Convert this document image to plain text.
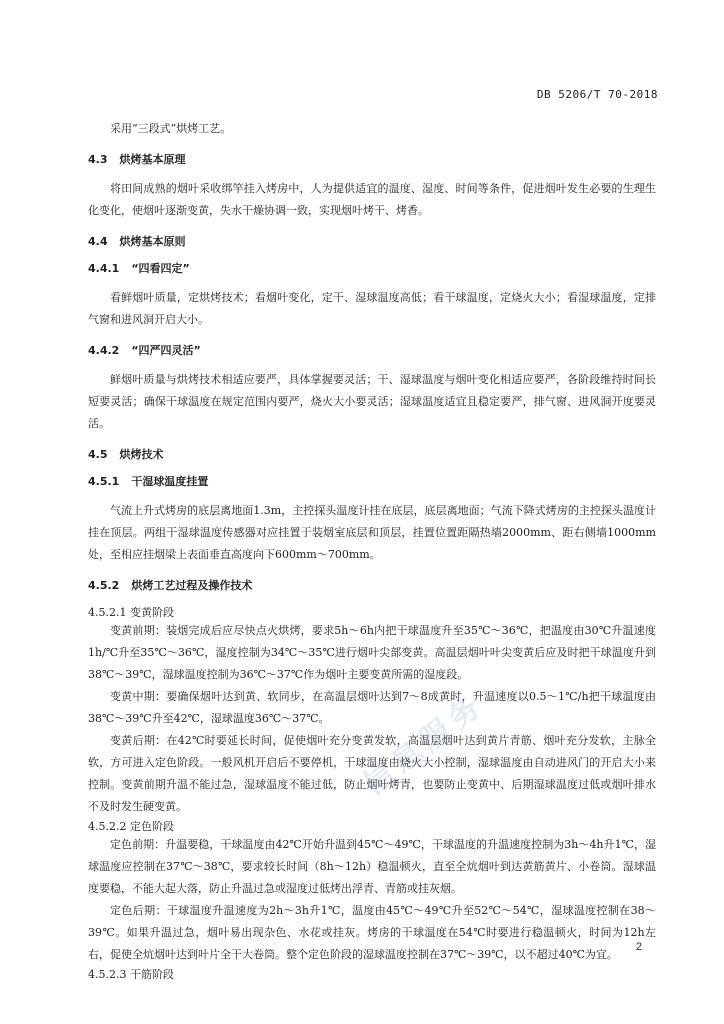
DB 5206/T 70-2018
采用“三段式”烘烤工艺。
4.3 烘烤基本原理
将田间成熟的烟叶采收绑竿挂入烤房中，人为提供适宜的温度、湿度、时间等条件，促进烟叶发生必要的生理生化变化，使烟叶逐渐变黄，失水干燥协调一致，实现烟叶烤干、烤香。
4.4 烘烤基本原则
4.4.1 “四看四定”
看鲜烟叶质量，定烘烤技术；看烟叶变化，定干、湿球温度高低；看干球温度，定烧火大小；看湿球温度，定排气窗和进风洞开启大小。
4.4.2 “四严四灵活”
鲜烟叶质量与烘烤技术相适应要严，具体掌握要灵活；干、湿球温度与烟叶变化相适应要严，各阶段维持时间长短要灵活；确保干球温度在规定范围内要严，烧火大小要灵活；湿球温度适宜且稳定要严，排气窗、进风洞开度要灵活。
4.5 烘烤技术
4.5.1 干湿球温度挂置
气流上升式烤房的底层离地面1.3m，主控探头温度计挂在底层，底层离地面；气流下降式烤房的主控探头温度计挂在顶层。两组干湿球温度传感器对应挂置于装烟室底层和顶层，挂置位置距隔热墙2000mm、距右侧墙1000mm处，至相应挂烟梁上表面垂直高度向下600mm～700mm。
4.5.2 烘烤工艺过程及操作技术
4.5.2.1 变黄阶段
变黄前期：装烟完成后应尽快点火烘烤，要求5h～6h内把干球温度升至35℃～36℃，把温度由30℃升温速度1h/℃升至35℃～36℃，湿度控制为34℃～35℃进行烟叶尖部变黄。高温层烟叶叶尖变黄后应及时把干球温度升到38℃～39℃，湿球温度控制为36℃～37℃作为烟叶主要变黄所需的湿度段。
变黄中期：要确保烟叶达到黄、软同步，在高温层烟叶达到7～8成黄时，升温速度以0.5～1℃/h把干球温度由38℃～39℃升至42℃，湿球温度36℃～37℃。
变黄后期：在42℃时要延长时间，促使烟叶充分变黄发软，高温层烟叶达到黄片青筋、烟叶充分发软，主脉全软，方可进入定色阶段。一般风机开启后不要停机，干球温度由烧火大小控制，湿球温度由自动进风门的开启大小来控制。变黄前期升温不能过急，湿球温度不能过低，防止烟叶烤青，也要防止变黄中、后期湿球温度过低或烟叶排水不及时发生硬变黄。
4.5.2.2 定色阶段
定色前期：升温要稳，干球温度由42℃开始升温到45℃～49℃，干球温度的升温速度控制为3h～4h升1℃，湿球温度应控制在37℃～38℃，要求较长时间（8h～12h）稳温顿火，直至全炕烟叶到达黄筋黄片、小卷筒。湿球温度要稳，不能大起大落，防止升温过急或湿度过低烤出浮青、青筋或挂灰烟。
定色后期：干球温度升温速度为2h～3h升1℃，温度由45℃～49℃升至52℃～54℃，湿球温度控制在38～39℃。如果升温过急，烟叶易出现杂色、水花或挂灰。烤房的干球温度在54℃时要进行稳温顿火，时间为12h左右，促使全炕烟叶达到叶片全干大卷筒。整个定色阶段的湿球温度控制在37℃～39℃，以不超过40℃为宜。
4.5.2.3 干筋阶段
信息服务
2
